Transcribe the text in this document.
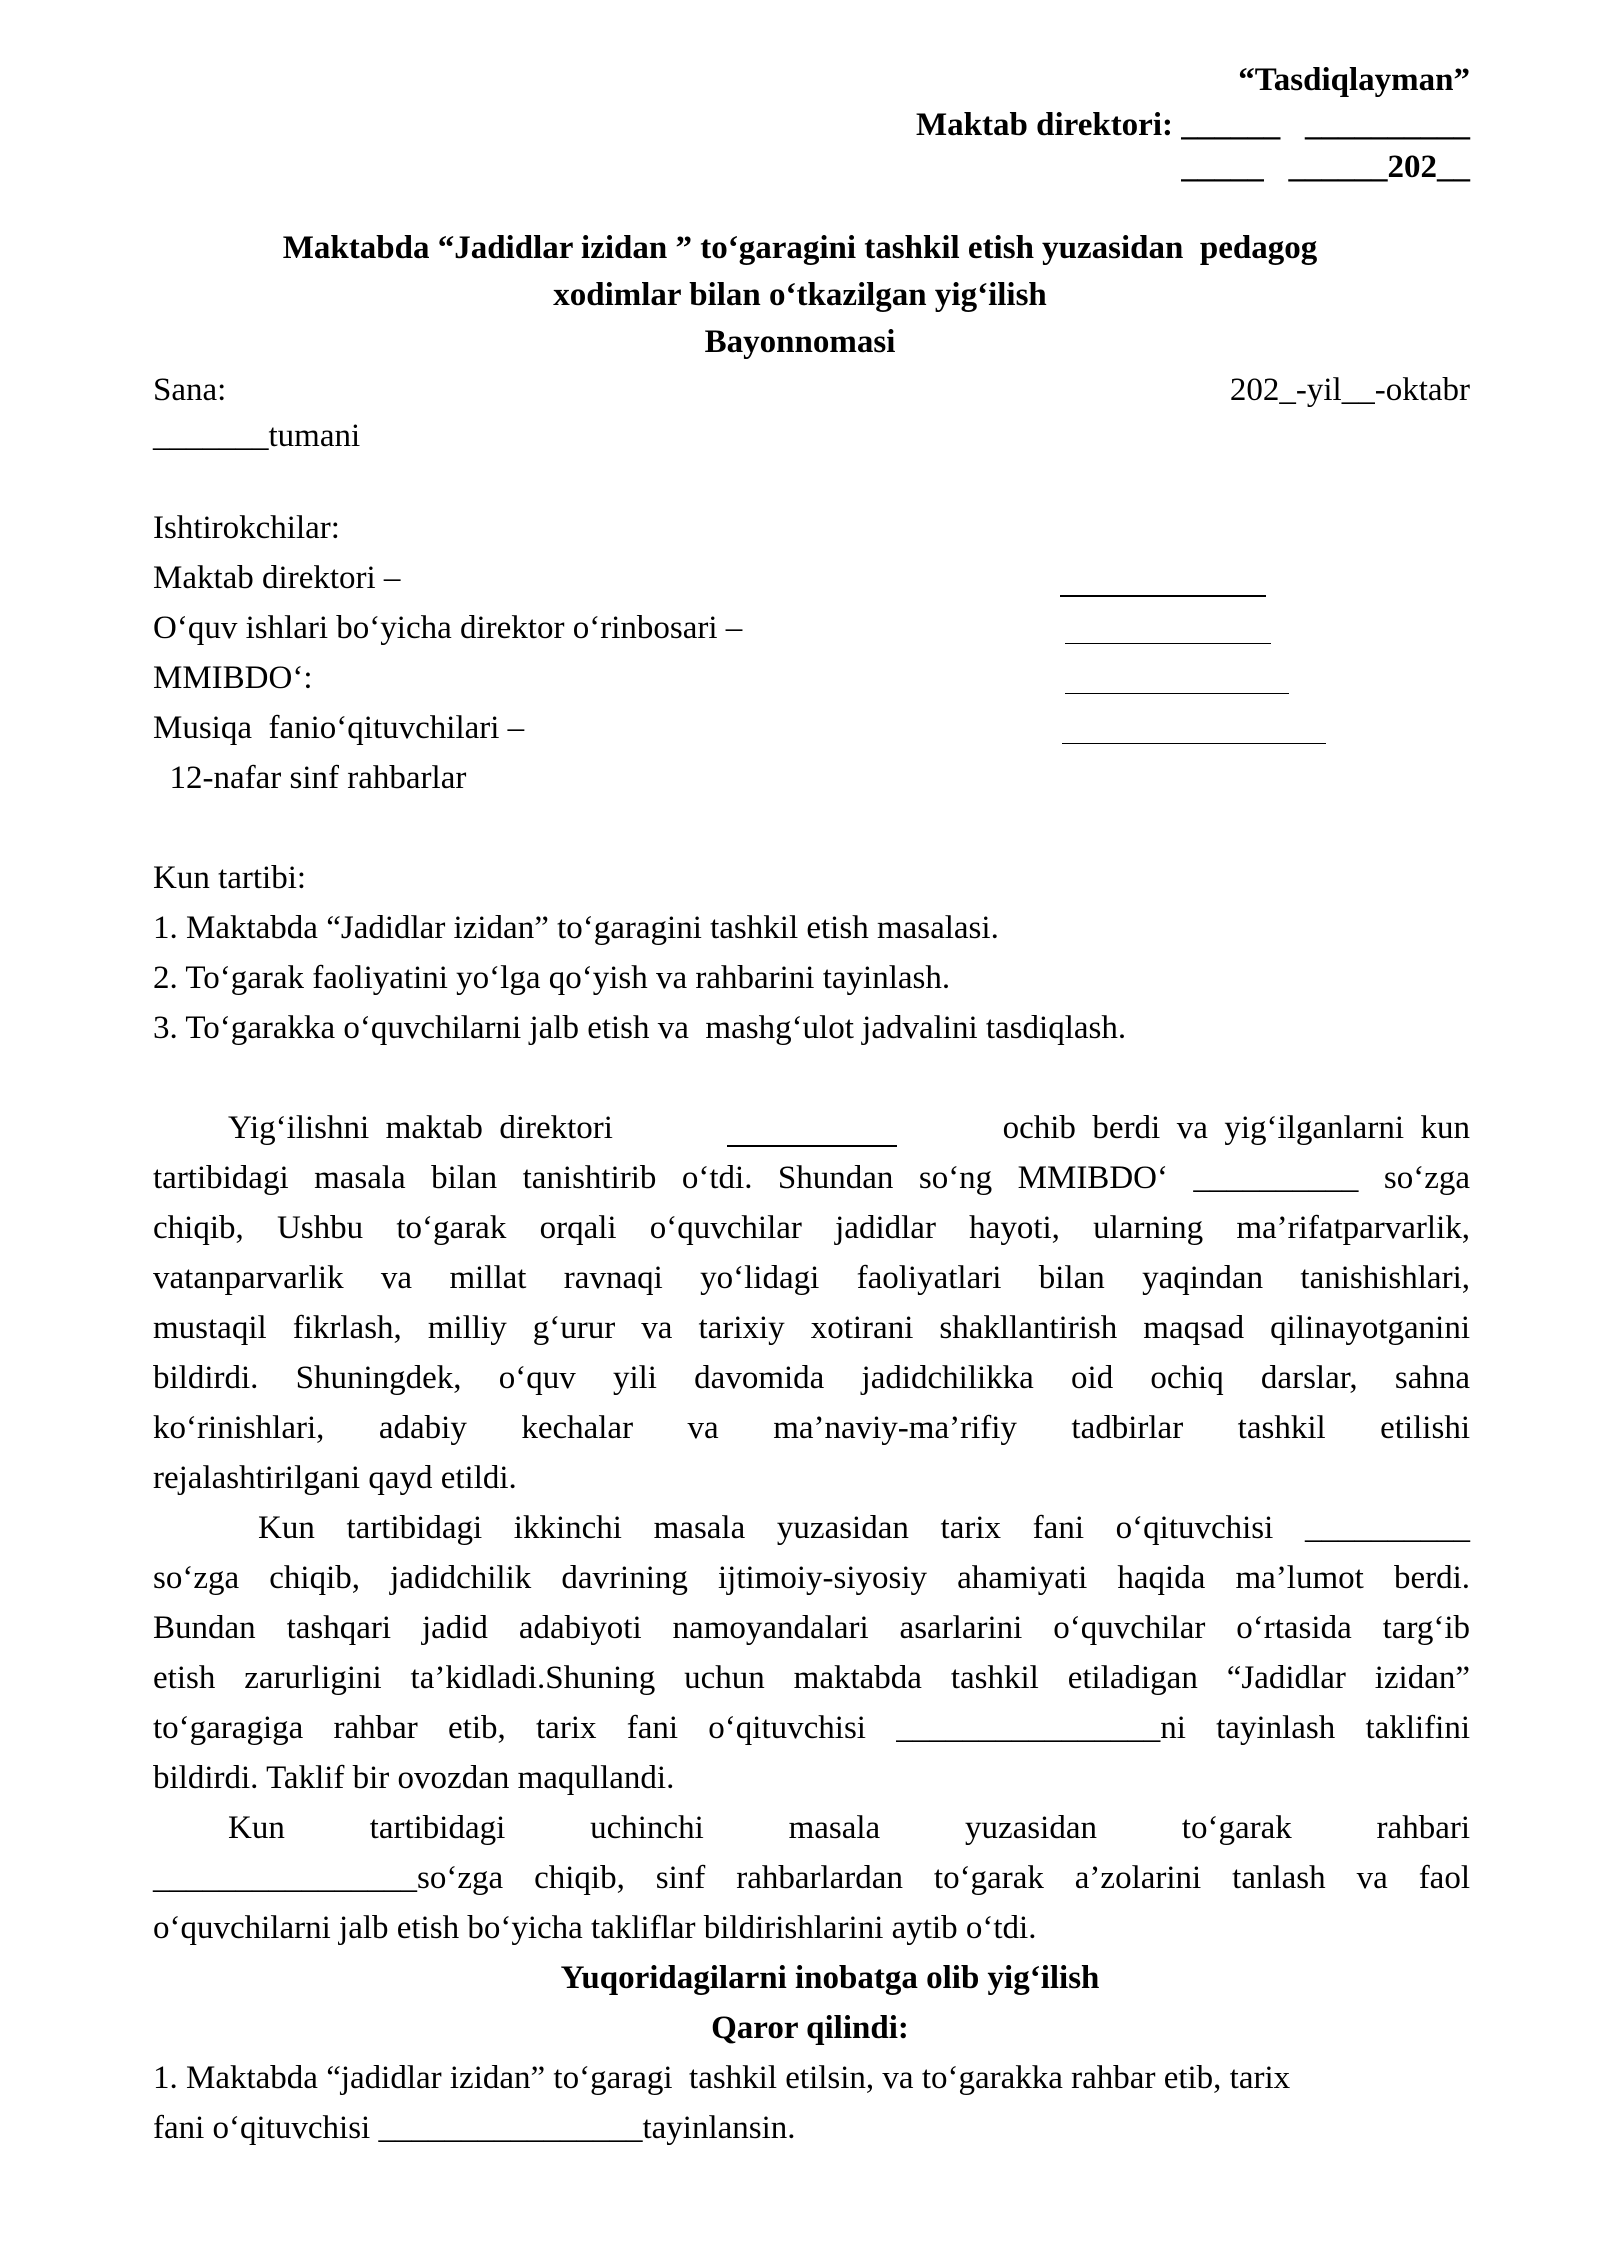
“Tasdiqlayman”
Maktab direktori: ______   __________
_____   ______202__
Maktabda “Jadidlar izidan ” to‘garagini tashkil etish yuzasidan  pedagog
xodimlar bilan o‘tkazilgan yig‘ilish
Bayonnomasi
Sana:	202_-yil__-oktabr
_______tumani
Ishtirokchilar:
Maktab direktori –
O‘quv ishlari bo‘yicha direktor o‘rinbosari –
MMIBDO‘:
Musiqa  fanio‘qituvchilari –
12-nafar sinf rahbarlar
Kun tartibi:
1. Maktabda “Jadidlar izidan” to‘garagini tashkil etish masalasi.
2. To‘garak faoliyatini yo‘lga qo‘yish va rahbarini tayinlash.
3. To‘garakka o‘quvchilarni jalb etish va  mashg‘ulot jadvalini tasdiqlash.
Yig‘ilishni  maktab  direktori	ochib  berdi  va  yig‘ilganlarni  kun
tartibidagi masala bilan tanishtirib o‘tdi. Shundan so‘ng MMIBDO‘ __________ so‘zga
chiqib, Ushbu to‘garak orqali o‘quvchilar jadidlar hayoti, ularning ma’rifatparvarlik,
vatanparvarlik va millat ravnaqi yo‘lidagi faoliyatlari bilan yaqindan tanishishlari,
mustaqil fikrlash, milliy g‘urur va tarixiy xotirani shakllantirish maqsad qilinayotganini
bildirdi. Shuningdek, o‘quv yili davomida jadidchilikka oid ochiq darslar, sahna
ko‘rinishlari, adabiy kechalar va ma’naviy-ma’rifiy tadbirlar tashkil etilishi
rejalashtirilgani qayd etildi.
Kun tartibidagi ikkinchi masala yuzasidan tarix fani o‘qituvchisi __________
so‘zga chiqib, jadidchilik davrining ijtimoiy-siyosiy ahamiyati haqida ma’lumot berdi.
Bundan tashqari jadid adabiyoti namoyandalari asarlarini o‘quvchilar o‘rtasida targ‘ib
etish zarurligini ta’kidladi.Shuning uchun maktabda tashkil etiladigan “Jadidlar izidan”
to‘garagiga rahbar etib, tarix fani o‘qituvchisi ________________ni tayinlash taklifini
bildirdi. Taklif bir ovozdan maqullandi.
Kun tartibidagi uchinchi masala yuzasidan to‘garak rahbari
________________so‘zga chiqib, sinf rahbarlardan to‘garak a’zolarini tanlash va faol
o‘quvchilarni jalb etish bo‘yicha takliflar bildirishlarini aytib o‘tdi.
Yuqoridagilarni inobatga olib yig‘ilish
Qaror qilindi:
1. Maktabda “jadidlar izidan” to‘garagi  tashkil etilsin, va to‘garakka rahbar etib, tarix
fani o‘qituvchisi ________________tayinlansin.
